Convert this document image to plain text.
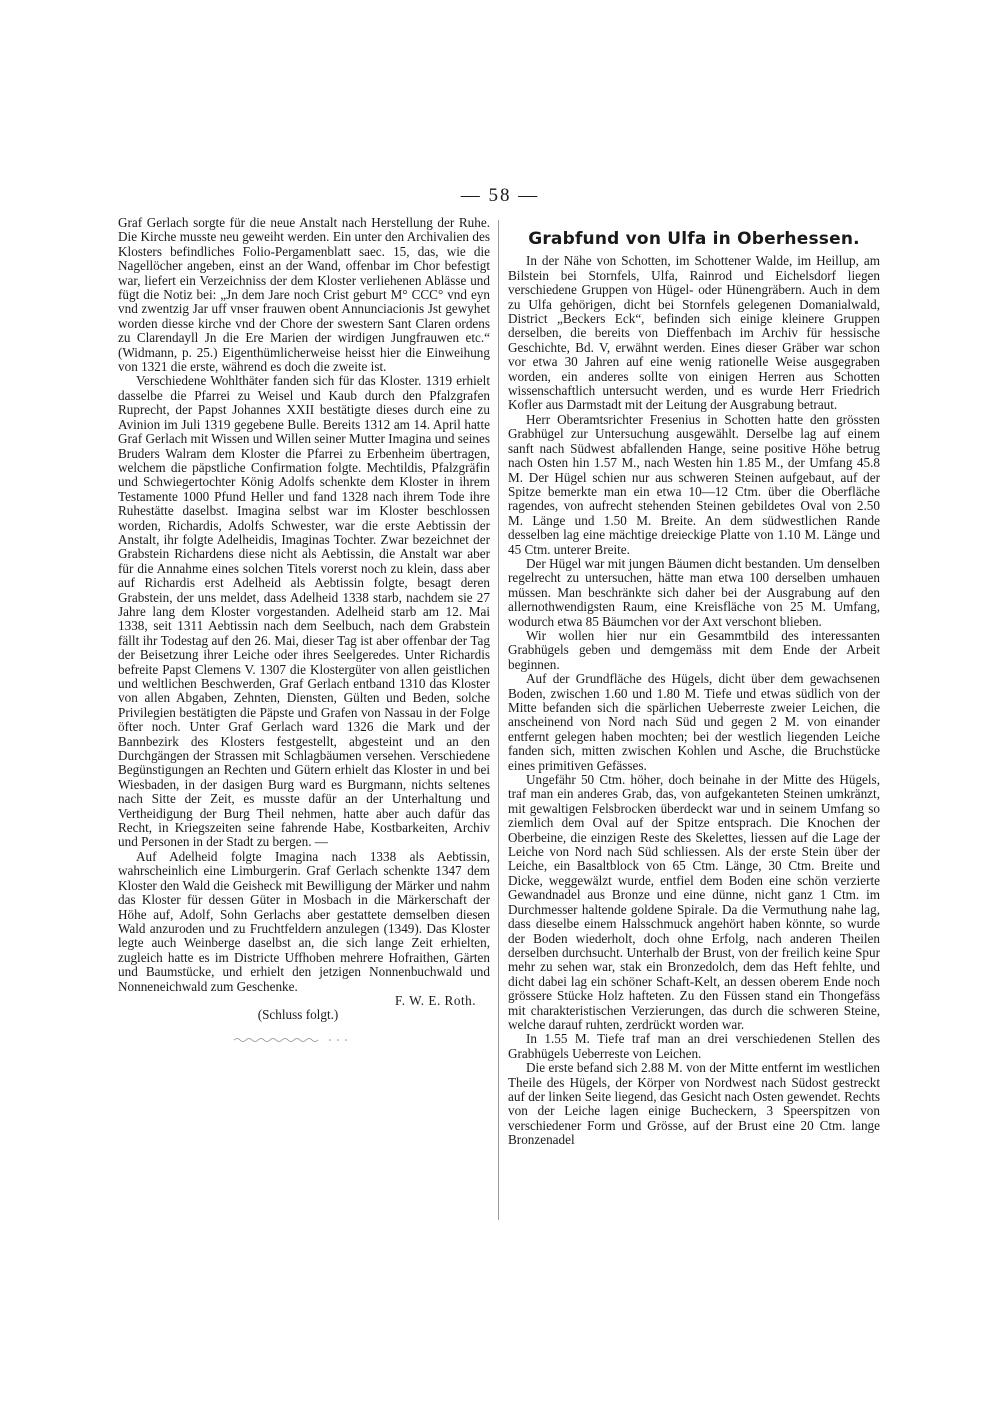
— 58 —

Graf Gerlach sorgte für die neue Anstalt nach Herstellung der Ruhe. Die Kirche musste neu geweiht werden. Ein unter den Archivalien des Klosters befindliches Folio-Pergamenblatt saec. 15, das, wie die Nagellöcher angeben, einst an der Wand, offenbar im Chor befestigt war, liefert ein Verzeichniss der dem Kloster verliehenen Ablässe und fügt die Notiz bei: „Jn dem Jare noch Crist geburt M° CCC° vnd eyn vnd zwentzig Jar uff vnser frauwen obent Annunciacionis Jst gewyhet worden diesse kirche vnd der Chore der swestern Sant Claren ordens zu Clarendayll Jn die Ere Marien der wirdigen Jungfrauwen etc.“ (Widmann, p. 25.) Eigenthümlicherweise heisst hier die Einweihung von 1321 die erste, während es doch die zweite ist.

Verschiedene Wohlthäter fanden sich für das Kloster. 1319 erhielt dasselbe die Pfarrei zu Weisel und Kaub durch den Pfalzgrafen Ruprecht, der Papst Johannes XXII bestätigte dieses durch eine zu Avinion im Juli 1319 gegebene Bulle. Bereits 1312 am 14. April hatte Graf Gerlach mit Wissen und Willen seiner Mutter Imagina und seines Bruders Walram dem Kloster die Pfarrei zu Erbenheim übertragen, welchem die päpstliche Confirmation folgte. Mechtildis, Pfalzgräfin und Schwiegertochter König Adolfs schenkte dem Kloster in ihrem Testamente 1000 Pfund Heller und fand 1328 nach ihrem Tode ihre Ruhestätte daselbst. Imagina selbst war im Kloster beschlossen worden, Richardis, Adolfs Schwester, war die erste Aebtissin der Anstalt, ihr folgte Adelheidis, Imaginas Tochter. Zwar bezeichnet der Grabstein Richardens diese nicht als Aebtissin, die Anstalt war aber für die Annahme eines solchen Titels vorerst noch zu klein, dass aber auf Richardis erst Adelheid als Aebtissin folgte, besagt deren Grabstein, der uns meldet, dass Adelheid 1338 starb, nachdem sie 27 Jahre lang dem Kloster vorgestanden. Adelheid starb am 12. Mai 1338, seit 1311 Aebtissin nach dem Seelbuch, nach dem Grabstein fällt ihr Todestag auf den 26. Mai, dieser Tag ist aber offenbar der Tag der Beisetzung ihrer Leiche oder ihres Seelgeredes. Unter Richardis befreite Papst Clemens V. 1307 die Klostergüter von allen geistlichen und weltlichen Beschwerden, Graf Gerlach entband 1310 das Kloster von allen Abgaben, Zehnten, Diensten, Gülten und Beden, solche Privilegien bestätigten die Päpste und Grafen von Nassau in der Folge öfter noch. Unter Graf Gerlach ward 1326 die Mark und der Bannbezirk des Klosters festgestellt, abgesteint und an den Durchgängen der Strassen mit Schlagbäumen versehen. Verschiedene Begünstigungen an Rechten und Gütern erhielt das Kloster in und bei Wiesbaden, in der dasigen Burg ward es Burgmann, nichts seltenes nach Sitte der Zeit, es musste dafür an der Unterhaltung und Vertheidigung der Burg Theil nehmen, hatte aber auch dafür das Recht, in Kriegszeiten seine fahrende Habe, Kostbarkeiten, Archiv und Personen in der Stadt zu bergen. —

Auf Adelheid folgte Imagina nach 1338 als Aebtissin, wahrscheinlich eine Limburgerin. Graf Gerlach schenkte 1347 dem Kloster den Wald die Geisheck mit Bewilligung der Märker und nahm das Kloster für dessen Güter in Mosbach in die Märkerschaft der Höhe auf, Adolf, Sohn Gerlachs aber gestattete demselben diesen Wald anzuroden und zu Fruchtfeldern anzulegen (1349). Das Kloster legte auch Weinberge daselbst an, die sich lange Zeit erhielten, zugleich hatte es im Districte Uffhoben mehrere Hofraithen, Gärten und Baumstücke, und erhielt den jetzigen Nonnenbuchwald und Nonneneichwald zum Geschenke.

F. W. E. Roth.

(Schluss folgt.)

Grabfund von Ulfa in Oberhessen.

In der Nähe von Schotten, im Schottener Walde, im Heillup, am Bilstein bei Stornfels, Ulfa, Rainrod und Eichelsdorf liegen verschiedene Gruppen von Hügel- oder Hünengräbern. Auch in dem zu Ulfa gehörigen, dicht bei Stornfels gelegenen Domanialwald, District „Beckers Eck“, befinden sich einige kleinere Gruppen derselben, die bereits von Dieffenbach im Archiv für hessische Geschichte, Bd. V, erwähnt werden. Eines dieser Gräber war schon vor etwa 30 Jahren auf eine wenig rationelle Weise ausgegraben worden, ein anderes sollte von einigen Herren aus Schotten wissenschaftlich untersucht werden, und es wurde Herr Friedrich Kofler aus Darmstadt mit der Leitung der Ausgrabung betraut.

Herr Oberamtsrichter Fresenius in Schotten hatte den grössten Grabhügel zur Untersuchung ausgewählt. Derselbe lag auf einem sanft nach Südwest abfallenden Hange, seine positive Höhe betrug nach Osten hin 1.57 M., nach Westen hin 1.85 M., der Umfang 45.8 M. Der Hügel schien nur aus schweren Steinen aufgebaut, auf der Spitze bemerkte man ein etwa 10—12 Ctm. über die Oberfläche ragendes, von aufrecht stehenden Steinen gebildetes Oval von 2.50 M. Länge und 1.50 M. Breite. An dem südwestlichen Rande desselben lag eine mächtige dreieckige Platte von 1.10 M. Länge und 45 Ctm. unterer Breite.

Der Hügel war mit jungen Bäumen dicht bestanden. Um denselben regelrecht zu untersuchen, hätte man etwa 100 derselben umhauen müssen. Man beschränkte sich daher bei der Ausgrabung auf den allernothwendigsten Raum, eine Kreisfläche von 25 M. Umfang, wodurch etwa 85 Bäumchen vor der Axt verschont blieben.

Wir wollen hier nur ein Gesammtbild des interessanten Grabhügels geben und demgemäss mit dem Ende der Arbeit beginnen.

Auf der Grundfläche des Hügels, dicht über dem gewachsenen Boden, zwischen 1.60 und 1.80 M. Tiefe und etwas südlich von der Mitte befanden sich die spärlichen Ueberreste zweier Leichen, die anscheinend von Nord nach Süd und gegen 2 M. von einander entfernt gelegen haben mochten; bei der westlich liegenden Leiche fanden sich, mitten zwischen Kohlen und Asche, die Bruchstücke eines primitiven Gefässes.

Ungefähr 50 Ctm. höher, doch beinahe in der Mitte des Hügels, traf man ein anderes Grab, das, von aufgekanteten Steinen umkränzt, mit gewaltigen Felsbrocken überdeckt war und in seinem Umfang so ziemlich dem Oval auf der Spitze entsprach. Die Knochen der Oberbeine, die einzigen Reste des Skelettes, liessen auf die Lage der Leiche von Nord nach Süd schliessen. Als der erste Stein über der Leiche, ein Basaltblock von 65 Ctm. Länge, 30 Ctm. Breite und Dicke, weggewälzt wurde, entfiel dem Boden eine schön verzierte Gewandnadel aus Bronze und eine dünne, nicht ganz 1 Ctm. im Durchmesser haltende goldene Spirale. Da die Vermuthung nahe lag, dass dieselbe einem Halsschmuck angehört haben könnte, so wurde der Boden wiederholt, doch ohne Erfolg, nach anderen Theilen derselben durchsucht. Unterhalb der Brust, von der freilich keine Spur mehr zu sehen war, stak ein Bronzedolch, dem das Heft fehlte, und dicht dabei lag ein schöner Schaft-Kelt, an dessen oberem Ende noch grössere Stücke Holz hafteten. Zu den Füssen stand ein Thongefäss mit charakteristischen Verzierungen, das durch die schweren Steine, welche darauf ruhten, zerdrückt worden war.

In 1.55 M. Tiefe traf man an drei verschiedenen Stellen des Grabhügels Ueberreste von Leichen.

Die erste befand sich 2.88 M. von der Mitte entfernt im westlichen Theile des Hügels, der Körper von Nordwest nach Südost gestreckt auf der linken Seite liegend, das Gesicht nach Osten gewendet. Rechts von der Leiche lagen einige Bucheckern, 3 Speerspitzen von verschiedener Form und Grösse, auf der Brust eine 20 Ctm. lange Bronzenadel
